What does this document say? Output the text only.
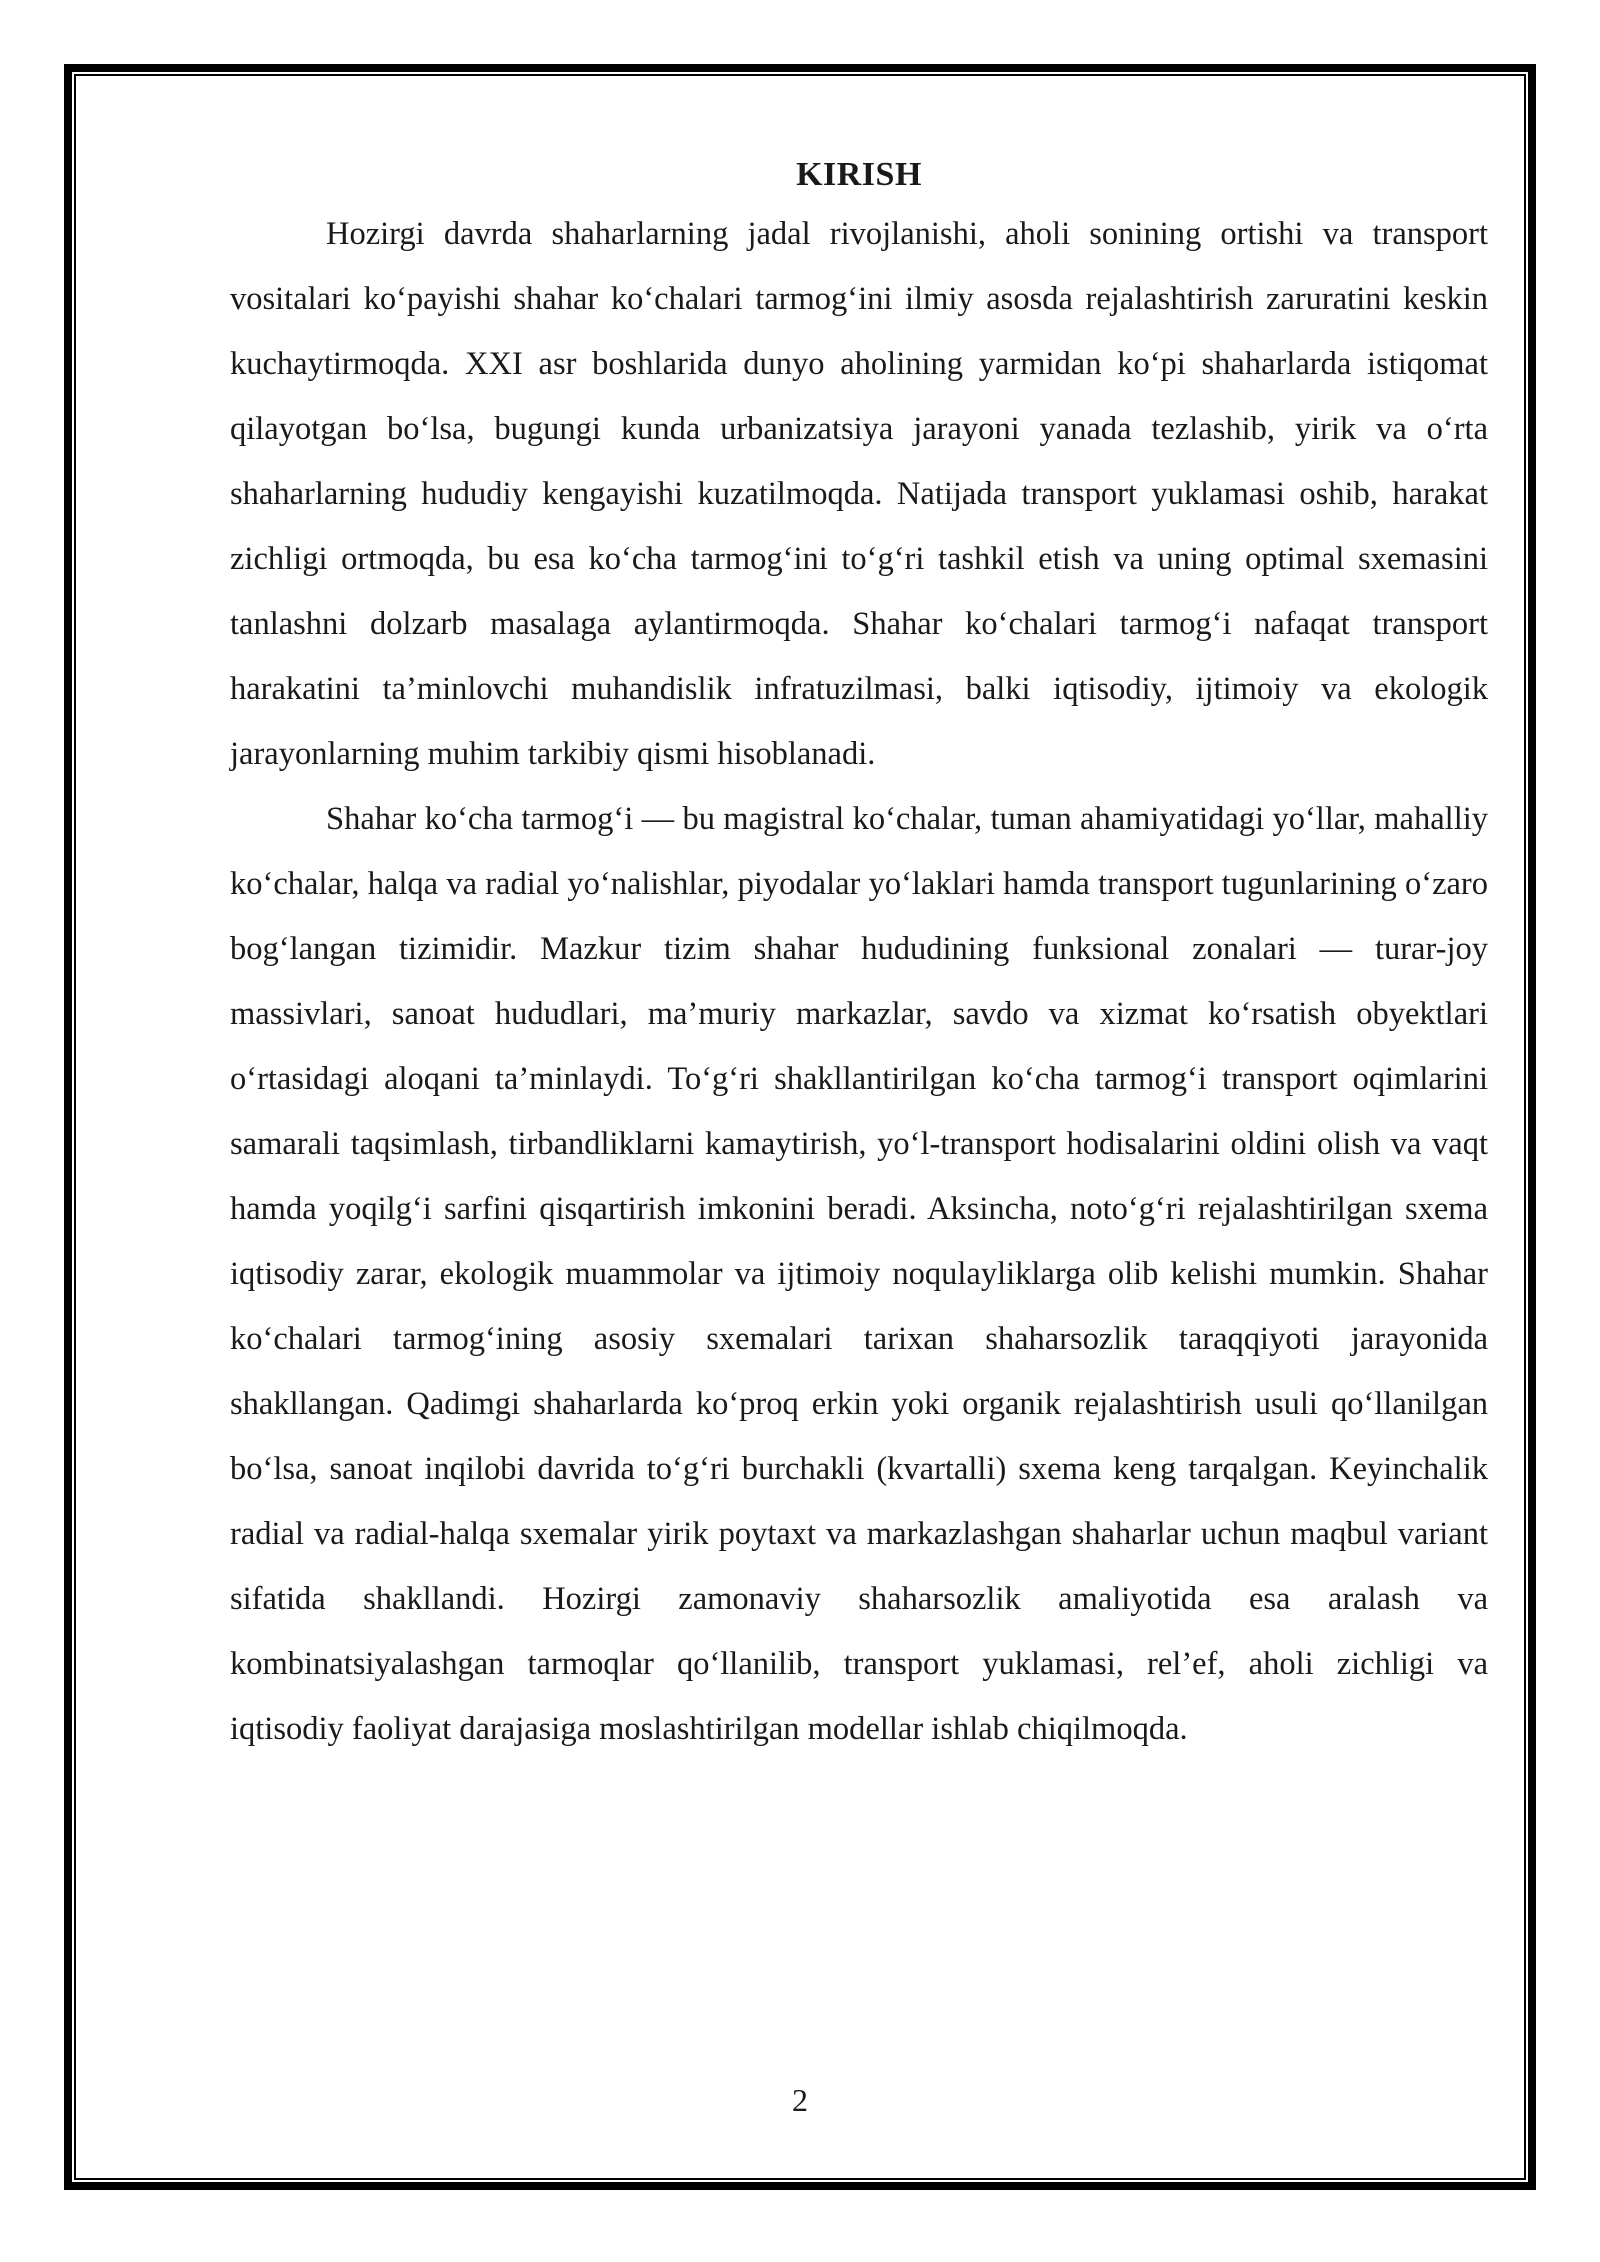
KIRISH

Hozirgi davrda shaharlarning jadal rivojlanishi, aholi sonining ortishi va transport vositalari ko‘payishi shahar ko‘chalari tarmog‘ini ilmiy asosda rejalashtirish zaruratini keskin kuchaytirmoqda. XXI asr boshlarida dunyo aholining yarmidan ko‘pi shaharlarda istiqomat qilayotgan bo‘lsa, bugungi kunda urbanizatsiya jarayoni yanada tezlashib, yirik va o‘rta shaharlarning hududiy kengayishi kuzatilmoqda. Natijada transport yuklamasi oshib, harakat zichligi ortmoqda, bu esa ko‘cha tarmog‘ini to‘g‘ri tashkil etish va uning optimal sxemasini tanlashni dolzarb masalaga aylantirmoqda. Shahar ko‘chalari tarmog‘i nafaqat transport harakatini ta’minlovchi muhandislik infratuzilmasi, balki iqtisodiy, ijtimoiy va ekologik jarayonlarning muhim tarkibiy qismi hisoblanadi.

Shahar ko‘cha tarmog‘i — bu magistral ko‘chalar, tuman ahamiyatidagi yo‘llar, mahalliy ko‘chalar, halqa va radial yo‘nalishlar, piyodalar yo‘laklari hamda transport tugunlarining o‘zaro bog‘langan tizimidir. Mazkur tizim shahar hududining funksional zonalari — turar-joy massivlari, sanoat hududlari, ma’muriy markazlar, savdo va xizmat ko‘rsatish obyektlari o‘rtasidagi aloqani ta’minlaydi. To‘g‘ri shakllantirilgan ko‘cha tarmog‘i transport oqimlarini samarali taqsimlash, tirbandliklarni kamaytirish, yo‘l-transport hodisalarini oldini olish va vaqt hamda yoqilg‘i sarfini qisqartirish imkonini beradi. Aksincha, noto‘g‘ri rejalashtirilgan sxema iqtisodiy zarar, ekologik muammolar va ijtimoiy noqulayliklarga olib kelishi mumkin. Shahar ko‘chalari tarmog‘ining asosiy sxemalari tarixan shaharsozlik taraqqiyoti jarayonida shakllangan. Qadimgi shaharlarda ko‘proq erkin yoki organik rejalashtirish usuli qo‘llanilgan bo‘lsa, sanoat inqilobi davrida to‘g‘ri burchakli (kvartalli) sxema keng tarqalgan. Keyinchalik radial va radial-halqa sxemalar yirik poytaxt va markazlashgan shaharlar uchun maqbul variant sifatida shakllandi. Hozirgi zamonaviy shaharsozlik amaliyotida esa aralash va kombinatsiyalashgan tarmoqlar qo‘llanilib, transport yuklamasi, rel’ef, aholi zichligi va iqtisodiy faoliyat darajasiga moslashtirilgan modellar ishlab chiqilmoqda.

2
